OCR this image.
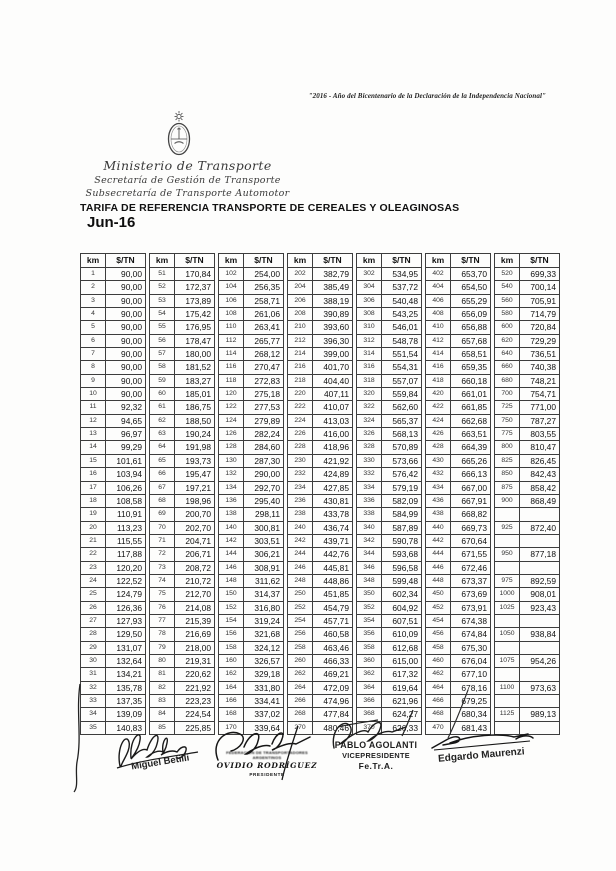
"2016 - Año del Bicentenario de la Declaración de la Independencia Nacional"
Ministerio de Transporte
Secretaría de Gestión de Transporte
Subsecretaría de Transporte Automotor
TARIFA DE REFERENCIA TRANSPORTE DE CEREALES Y OLEAGINOSAS
Jun-16
km	$/TN
1	90,00
2	90,00
3	90,00
4	90,00
5	90,00
6	90,00
7	90,00
8	90,00
9	90,00
10	90,00
11	92,32
12	94,65
13	96,97
14	99,29
15	101,61
16	103,94
17	106,26
18	108,58
19	110,91
20	113,23
21	115,55
22	117,88
23	120,20
24	122,52
25	124,79
26	126,36
27	127,93
28	129,50
29	131,07
30	132,64
31	134,21
32	135,78
33	137,35
34	139,09
35	140,83
km	$/TN
51	170,84
52	172,37
53	173,89
54	175,42
55	176,95
56	178,47
57	180,00
58	181,52
59	183,27
60	185,01
61	186,75
62	188,50
63	190,24
64	191,98
65	193,73
66	195,47
67	197,21
68	198,96
69	200,70
70	202,70
71	204,71
72	206,71
73	208,72
74	210,72
75	212,70
76	214,08
77	215,39
78	216,69
79	218,00
80	219,31
81	220,62
82	221,92
83	223,23
84	224,54
85	225,85
km	$/TN
102	254,00
104	256,35
106	258,71
108	261,06
110	263,41
112	265,77
114	268,12
116	270,47
118	272,83
120	275,18
122	277,53
124	279,89
126	282,24
128	284,60
130	287,30
132	290,00
134	292,70
136	295,40
138	298,11
140	300,81
142	303,51
144	306,21
146	308,91
148	311,62
150	314,37
152	316,80
154	319,24
156	321,68
158	324,12
160	326,57
162	329,18
164	331,80
166	334,41
168	337,02
170	339,64
km	$/TN
202	382,79
204	385,49
206	388,19
208	390,89
210	393,60
212	396,30
214	399,00
216	401,70
218	404,40
220	407,11
222	410,07
224	413,03
226	416,00
228	418,96
230	421,92
232	424,89
234	427,85
236	430,81
238	433,78
240	436,74
242	439,71
244	442,76
246	445,81
248	448,86
250	451,85
252	454,79
254	457,71
256	460,58
258	463,46
260	466,33
262	469,21
264	472,09
266	474,96
268	477,84
270	480,46
km	$/TN
302	534,95
304	537,72
306	540,48
308	543,25
310	546,01
312	548,78
314	551,54
316	554,31
318	557,07
320	559,84
322	562,60
324	565,37
326	568,13
328	570,89
330	573,66
332	576,42
334	579,19
336	582,09
338	584,99
340	587,89
342	590,78
344	593,68
346	596,58
348	599,48
350	602,34
352	604,92
354	607,51
356	610,09
358	612,68
360	615,00
362	617,32
364	619,64
366	621,96
368	624,27
370	626,33
km	$/TN
402	653,70
404	654,50
406	655,29
408	656,09
410	656,88
412	657,68
414	658,51
416	659,35
418	660,18
420	661,01
422	661,85
424	662,68
426	663,51
428	664,39
430	665,26
432	666,13
434	667,00
436	667,91
438	668,82
440	669,73
442	670,64
444	671,55
446	672,46
448	673,37
450	673,69
452	673,91
454	674,38
456	674,84
458	675,30
460	676,04
462	677,10
464	678,16
466	679,25
468	680,34
470	681,43
km	$/TN
520	699,33
540	700,14
560	705,91
580	714,79
600	720,84
620	729,29
640	736,51
660	740,38
680	748,21
700	754,71
725	771,00
750	787,27
775	803,55
800	810,47
825	826,45
850	842,43
875	858,42
900	868,49

925	872,40

950	877,18

975	892,59
1000	908,01
1025	923,43

1050	938,84

1075	954,26

1100	973,63

1125	989,13

Miguel Betilli	FEDERACIÓN DE TRANSPORTADORES ARGENTINOS
OVIDIO RODRÍGUEZ
PRESIDENTE
PABLO AGOLANTI
VICEPRESIDENTE
Fe.Tr.A.
Edgardo Maurenzi
